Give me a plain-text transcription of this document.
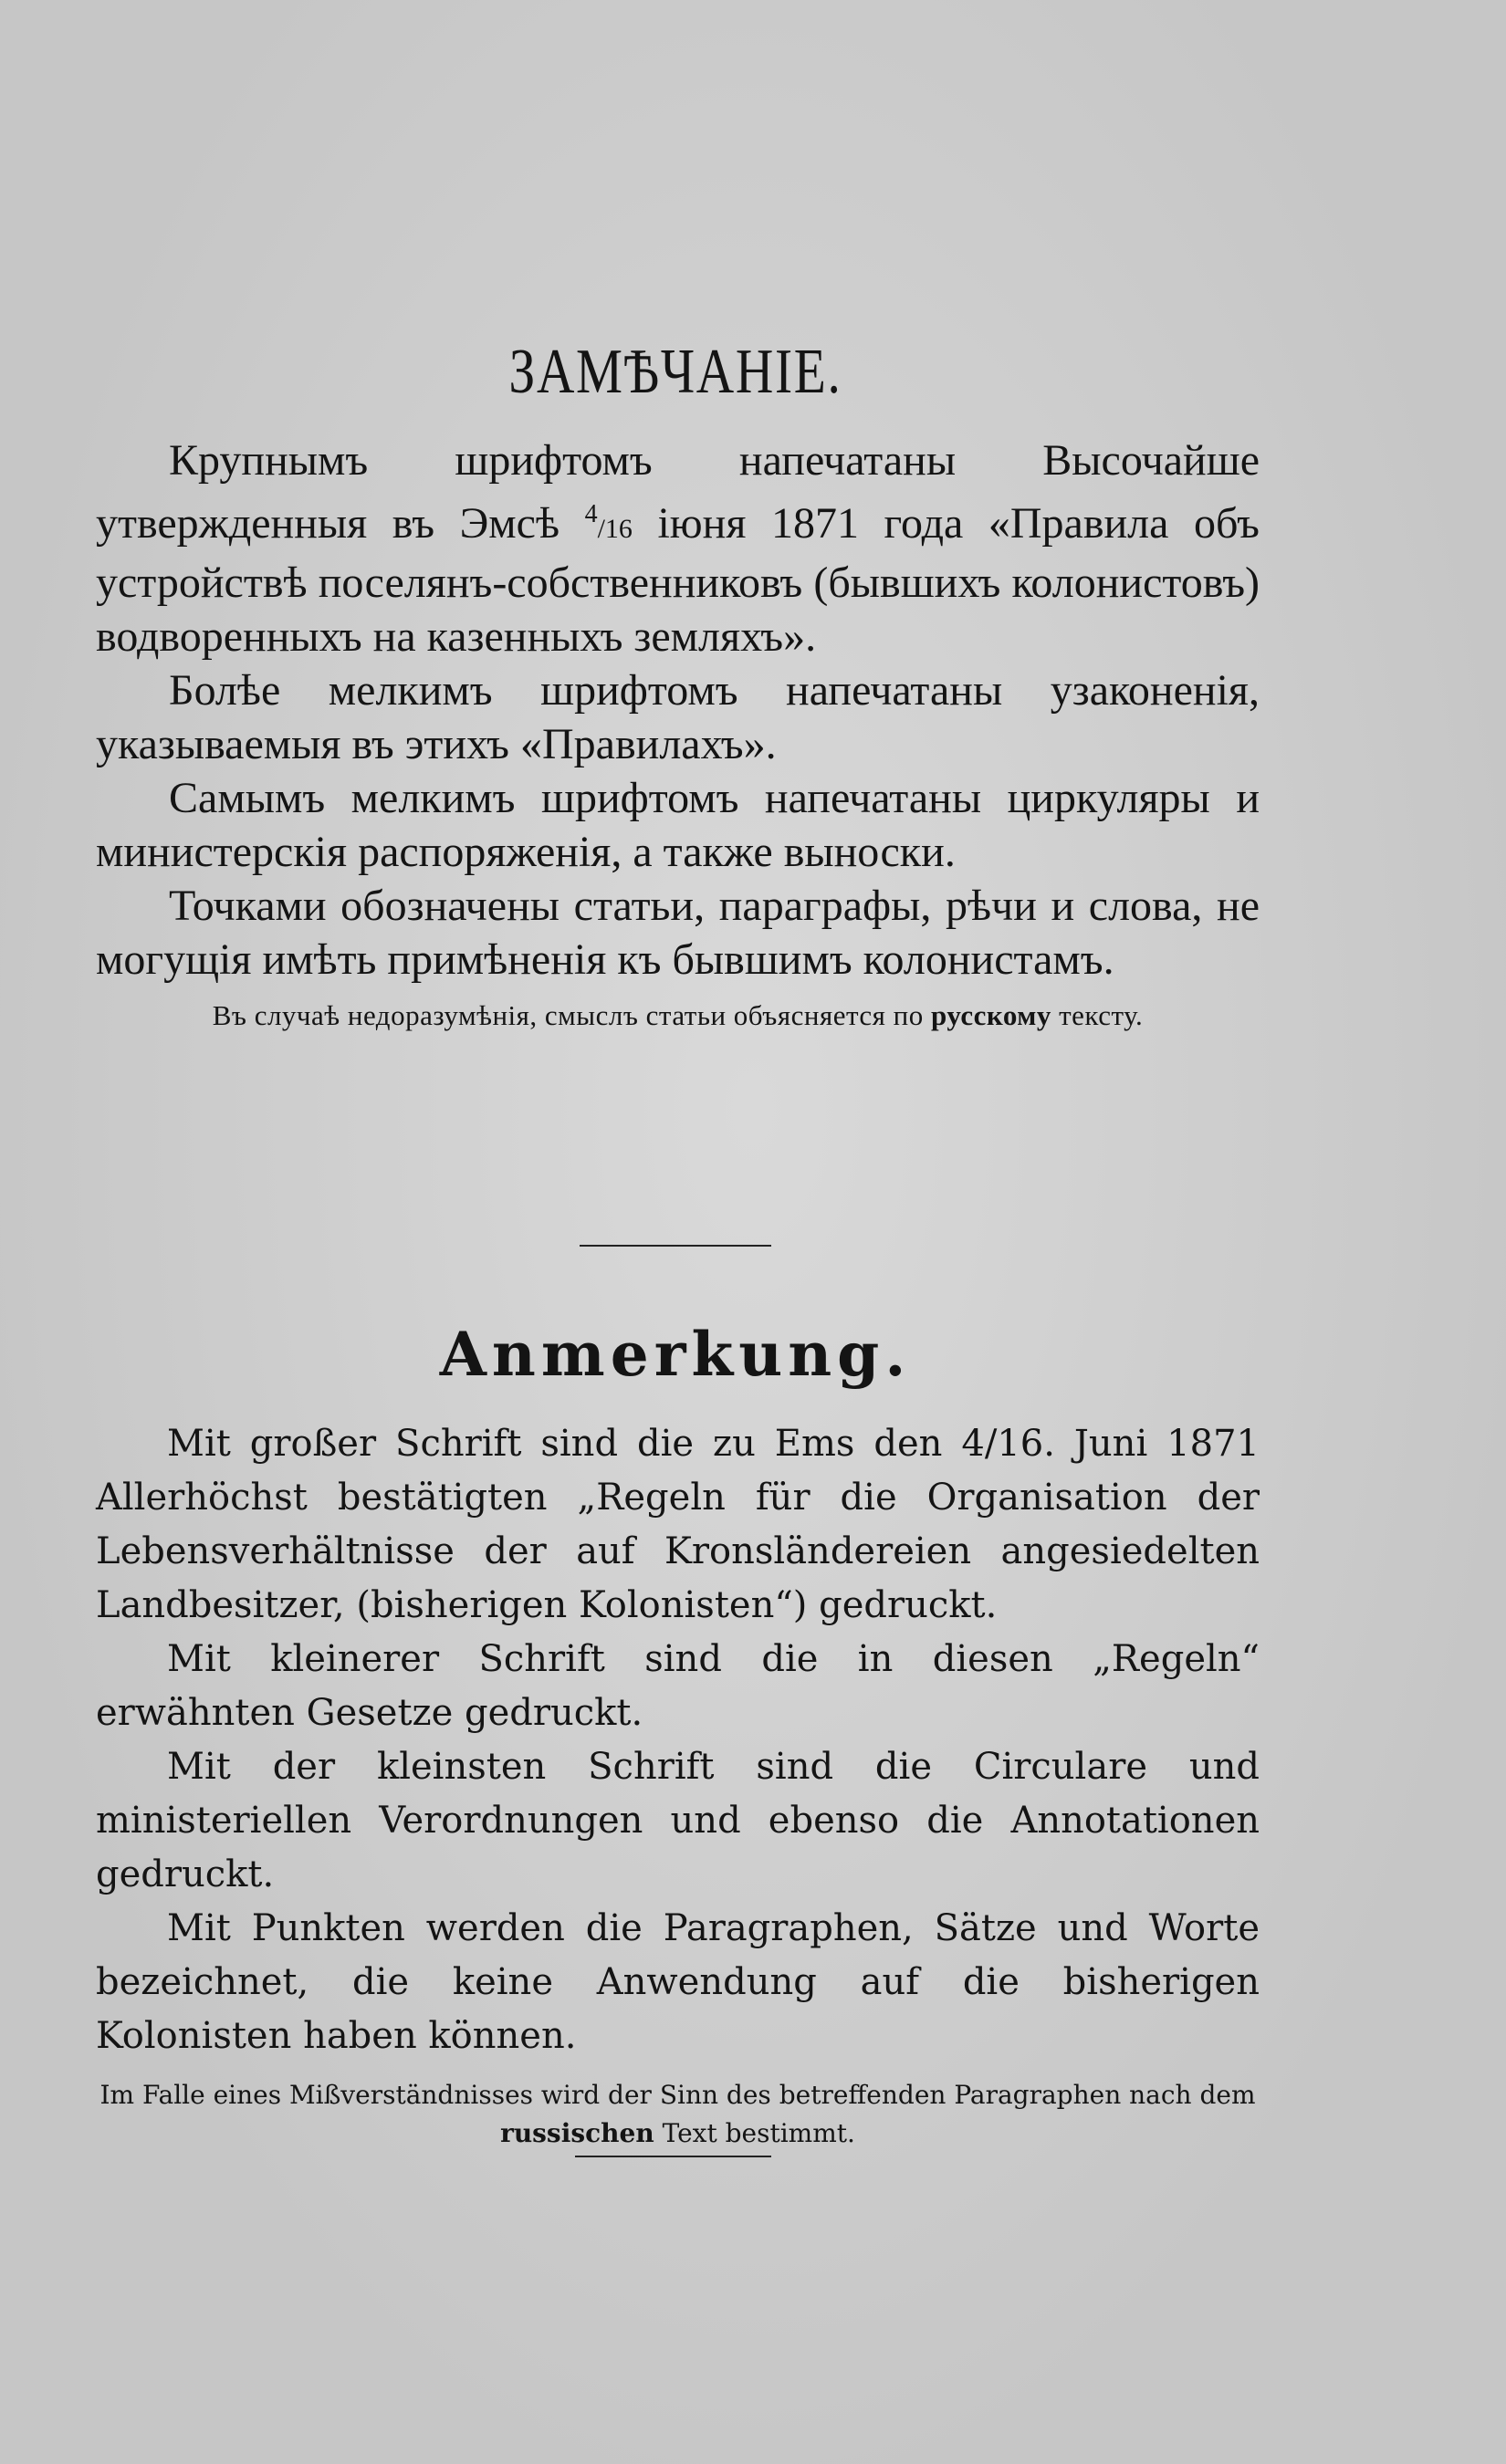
ЗАМѢЧАНІЕ.

Крупнымъ шрифтомъ напечатаны Высочайше утвержденныя въ Эмсѣ $^4$/16 іюня 1871 года «Правила объ устройствѣ поселянъ-собственниковъ (бывшихъ колонистовъ) водворенныхъ на казенныхъ земляхъ».

Болѣе мелкимъ шрифтомъ напечатаны узаконенія, указываемыя въ этихъ «Правилахъ».

Самымъ мелкимъ шрифтомъ напечатаны циркуляры и министерскія распоряженія, а также выноски.

Точками обозначены статьи, параграфы, рѣчи и слова, не могущія имѣть примѣненія къ бывшимъ колонистамъ.

Въ случаѣ недоразумѣнія, смыслъ статьи объясняется по русскому тексту.

Anmerkung.

Mit großer Schrift sind die zu Ems den 4/16. Juni 1871 Allerhöchst bestätigten „Regeln für die Organisation der Lebensverhältnisse der auf Kronsländereien angesiedelten Landbesitzer, (bisherigen Kolonisten“) gedruckt.

Mit kleinerer Schrift sind die in diesen „Regeln“ erwähnten Gesetze gedruckt.

Mit der kleinsten Schrift sind die Circulare und ministeriellen Verordnungen und ebenso die Annotationen gedruckt.

Mit Punkten werden die Paragraphen, Sätze und Worte bezeichnet, die keine Anwendung auf die bisherigen Kolonisten haben können.

Im Falle eines Mißverständnisses wird der Sinn des betreffenden Paragraphen nach dem russischen Text bestimmt.
